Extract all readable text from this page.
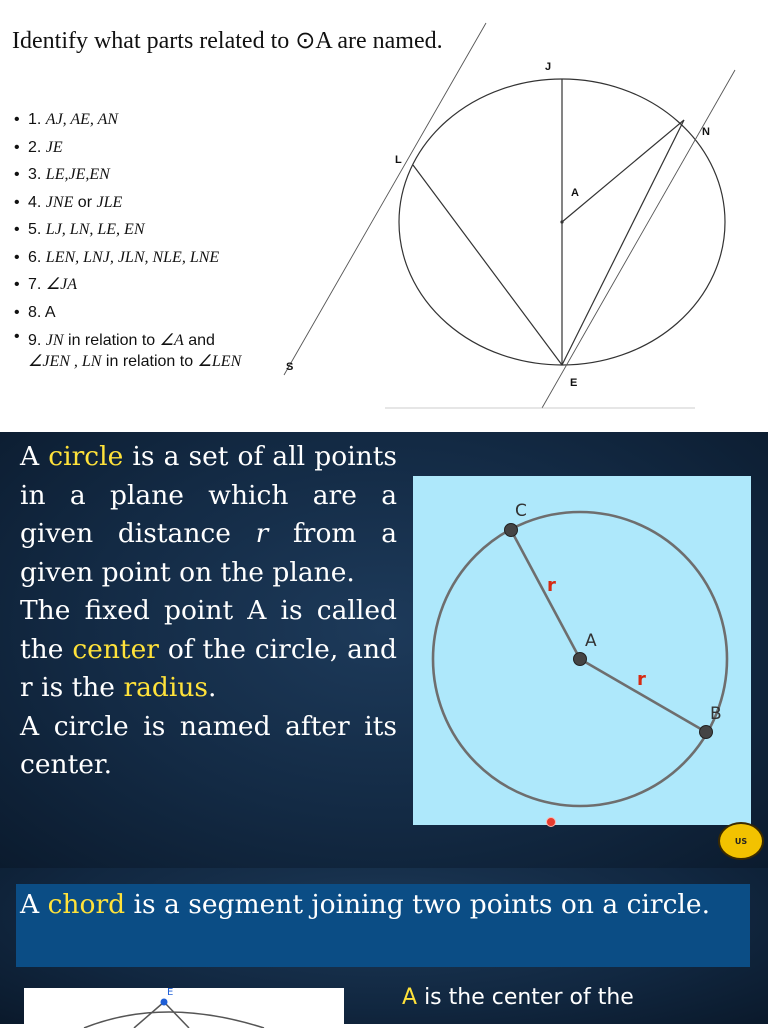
Identify what parts related to ⊙A are named.
• 1. AJ, AE, AN
• 2. JE
• 3. LE,JE,EN
• 4. JNE or JLE
• 5. LJ, LN, LE, EN
• 6. LEN, LNJ, JLN, NLE, LNE
• 7. ∠JA
• 8. A
• 9. JN in relation to ∠A and
∠JEN , LN in relation to ∠LEN
J
N
L
A
E
S

A circle is a set of all points in a plane which are a given distance r from a given point on the plane.
The fixed point A is called the center of the circle, and r is the radius.
A circle is named after its center.

C
A
B
r
r
US

A chord is a segment joining two points on a circle.

E	A is the center of the
